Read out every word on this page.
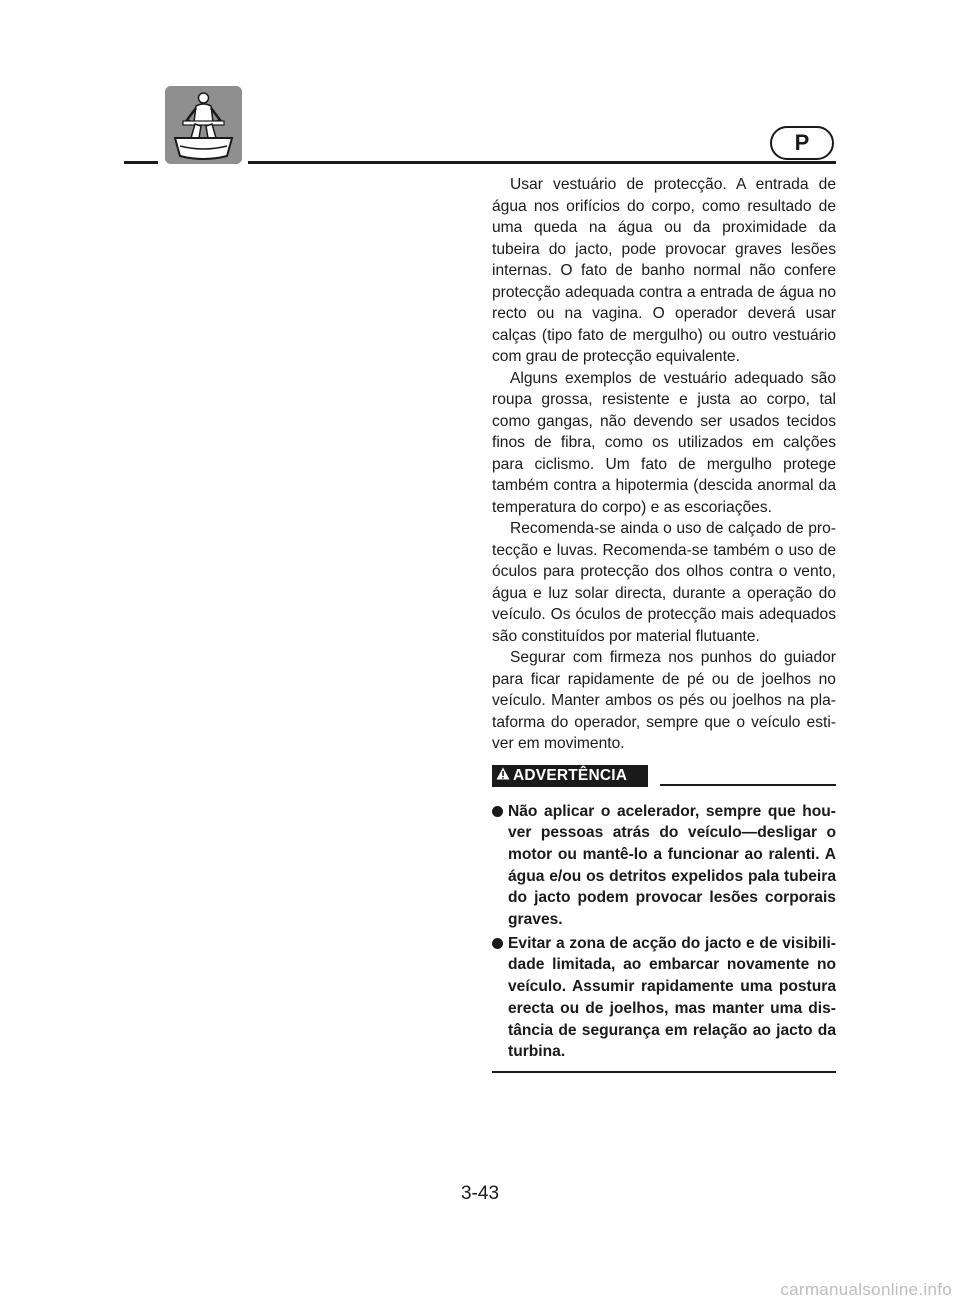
P

Usar vestuário de protecção. A entrada de água nos orifícios do corpo, como resultado de uma queda na água ou da proximidade da tubeira do jacto, pode provocar graves lesões internas. O fato de banho normal não confere protecção adequada contra a entrada de água no recto ou na vagina. O operador deverá usar calças (tipo fato de mergulho) ou outro vestuário com grau de protecção equivalente.

Alguns exemplos de vestuário adequado são roupa grossa, resistente e justa ao corpo, tal como gangas, não devendo ser usados tecidos finos de fibra, como os utilizados em calções para ciclismo. Um fato de mergulho protege também contra a hipotermia (descida anormal da temperatura do corpo) e as escoriações.

Recomenda-se ainda o uso de calçado de protecção e luvas. Recomenda-se também o uso de óculos para protecção dos olhos contra o vento, água e luz solar directa, durante a operação do veículo. Os óculos de protecção mais adequados são constituídos por material flutuante.

Segurar com firmeza nos punhos do guiador para ficar rapidamente de pé ou de joelhos no veículo. Manter ambos os pés ou joelhos na plataforma do operador, sempre que o veículo estiver em movimento.

ADVERTÊNCIA
Não aplicar o acelerador, sempre que houver pessoas atrás do veículo—desligar o motor ou mantê-lo a funcionar ao ralenti. A água e/ou os detritos expelidos pala tubeira do jacto podem provocar lesões corporais graves.
Evitar a zona de acção do jacto e de visibilidade limitada, ao embarcar novamente no veículo. Assumir rapidamente uma postura erecta ou de joelhos, mas manter uma distância de segurança em relação ao jacto da turbina.
3-43
carmanualsonline.info
